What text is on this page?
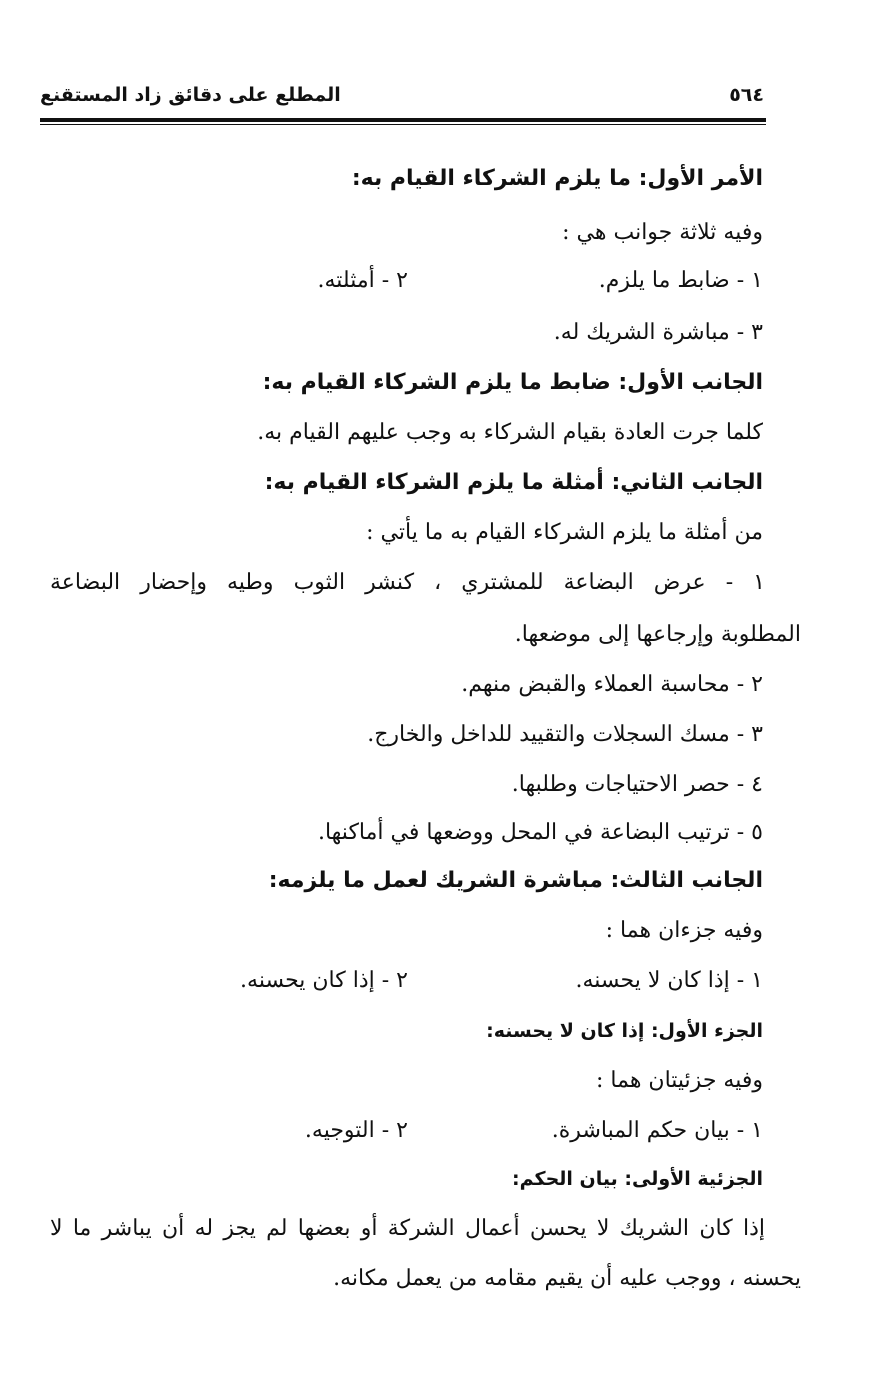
٥٦٤
المطلع على دقائق زاد المستقنع
الأمر الأول: ما يلزم الشركاء القيام به:
وفيه ثلاثة جوانب هي :
١ - ضابط ما يلزم.
٢ - أمثلته.
٣ - مباشرة الشريك له.
الجانب الأول: ضابط ما يلزم الشركاء القيام به:
كلما جرت العادة بقيام الشركاء به وجب عليهم القيام به.
الجانب الثاني: أمثلة ما يلزم الشركاء القيام به:
من أمثلة ما يلزم الشركاء القيام به ما يأتي :
١ - عرض البضاعة للمشتري ، كنشر الثوب وطيه وإحضار البضاعة
المطلوبة وإرجاعها إلى موضعها.
٢ - محاسبة العملاء والقبض منهم.
٣ - مسك السجلات والتقييد للداخل والخارج.
٤ - حصر الاحتياجات وطلبها.
٥ - ترتيب البضاعة في المحل ووضعها في أماكنها.
الجانب الثالث: مباشرة الشريك لعمل ما يلزمه:
وفيه جزءان هما :
١ - إذا كان لا يحسنه.
٢ - إذا كان يحسنه.
الجزء الأول: إذا كان لا يحسنه:
وفيه جزئيتان هما :
١ - بيان حكم المباشرة.
٢ - التوجيه.
الجزئية الأولى: بيان الحكم:
إذا كان الشريك لا يحسن أعمال الشركة أو بعضها لم يجز له أن يباشر ما لا
يحسنه ، ووجب عليه أن يقيم مقامه من يعمل مكانه.
